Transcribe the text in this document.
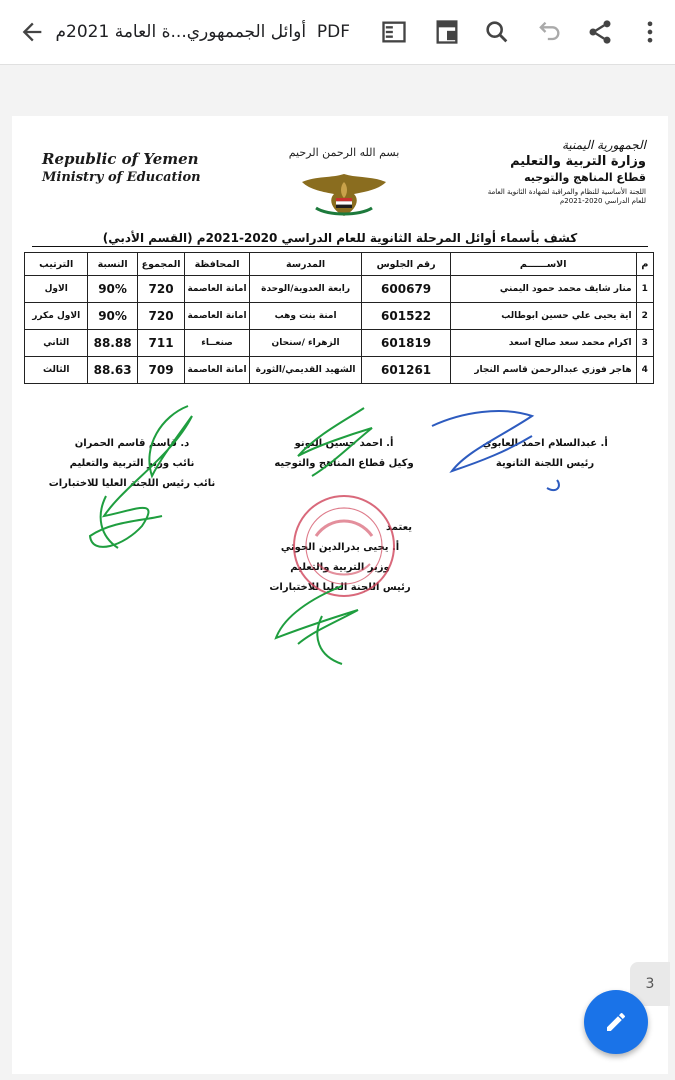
PDF  أوائل الجممهوري...ة العامة 2021م
Republic of Yemen
Ministry of Education
بسم الله الرحمن الرحيم
الجمهورية اليمنية
وزارة التربية والتعليم
قطاع المناهج والتوجيه
اللجنة الأساسية للنظام والمراقبة لشهادة الثانوية العامة
للعام الدراسي 2020-2021م
كشف بأسماء أوائل المرحلة الثانوية للعام الدراسي 2020-2021م (القسم الأدبي)
م	الاســــــم	رقم الجلوس	المدرسة	المحافظة	المجموع	النسبة	الترتيب
1	منار شايف محمد حمود اليمني	600679	رابعة العدوية/الوحدة	امانة العاصمة	720	90%	الاول
2	اية يحيى علي حسين ابوطالب	601522	امنة بنت وهب	امانة العاصمة	720	90%	الاول مكرر
3	اكرام محمد سعد صالح اسعد	601819	الزهراء /سنحان	صنعــاء	711	88.88	الثاني
4	هاجر فوزي عبدالرحمن قاسم النجار	601261	الشهيد القديمي/الثورة	امانة العاصمة	709	88.63	الثالث
د. قاسم قاسم الحمران
نائب وزير التربية والتعليم
نائب رئيس اللجنة العليا للاختبارات
أ. احمد حسين النونو
وكيل قطاع المناهج والتوجيه
أ. عبدالسلام احمد العابوي
رئيس اللجنة الثانوية
يعتمد
أ. يحيى بدرالدين الحوثي
وزير التربية والتعليم
رئيس اللجنة العليا للاختبارات
3
